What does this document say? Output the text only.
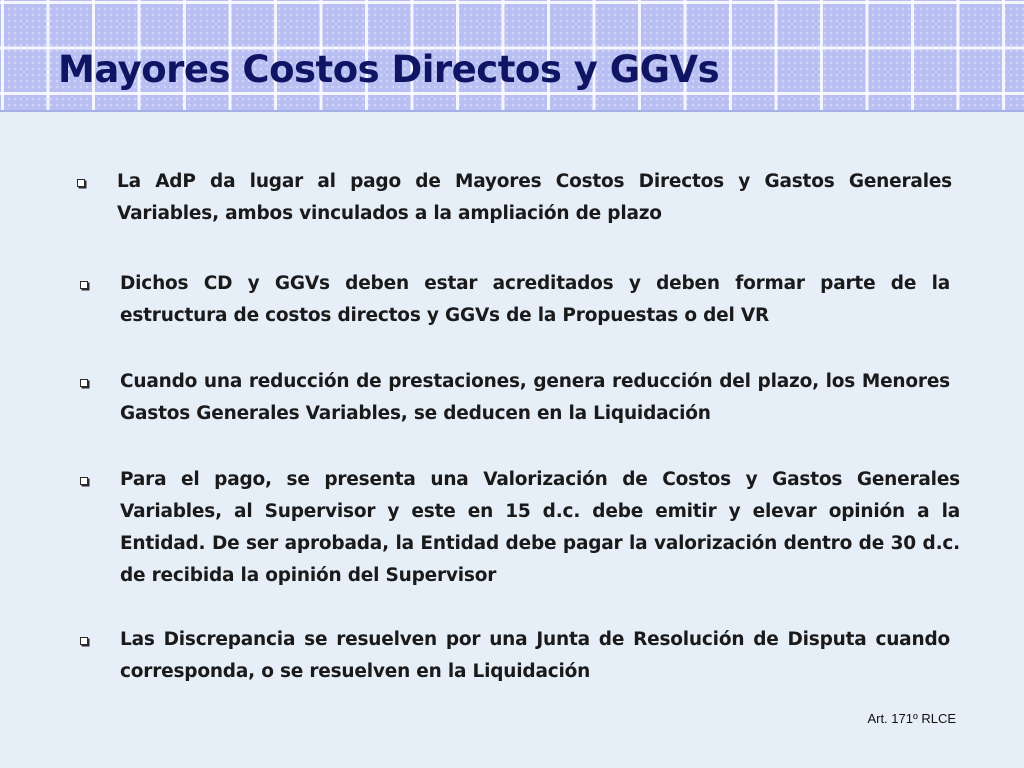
Mayores Costos Directos y GGVs
La AdP da lugar al pago de Mayores Costos Directos y Gastos Generales Variables, ambos vinculados a la ampliación de plazo
Dichos CD y GGVs deben estar acreditados y deben formar parte de la estructura de costos directos y GGVs de la Propuestas o del VR
Cuando una reducción de prestaciones, genera reducción del plazo, los Menores Gastos Generales Variables, se deducen en la Liquidación
Para el pago, se presenta una Valorización de Costos y Gastos Generales Variables, al Supervisor y este en 15 d.c. debe emitir y elevar opinión a la Entidad. De ser aprobada, la Entidad debe pagar la valorización dentro de 30 d.c. de recibida la opinión del Supervisor
Las Discrepancia se resuelven por una Junta de Resolución de Disputa cuando corresponda, o se resuelven en la Liquidación
Art. 171º RLCE
